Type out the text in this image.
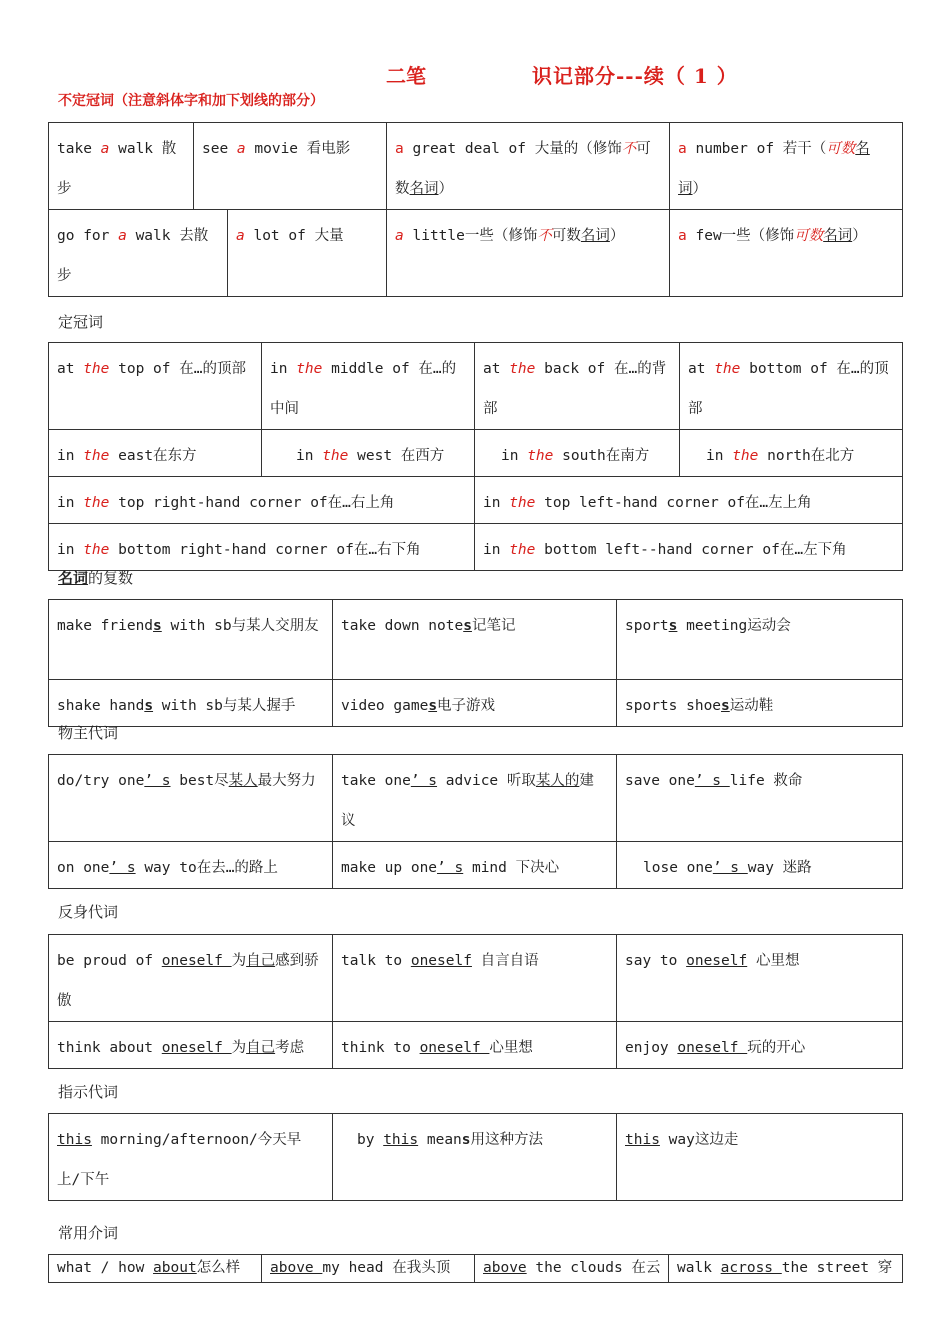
二笔	识记部分---续（ 1 ）
不定冠词（注意斜体字和加下划线的部分）
take a walk 散步	see a movie 看电影		a great deal of 大量的（修饰不可数名词）	a number of 若干（可数名词）
go for a walk 去散步		a lot of 大量	a little一些（修饰不可数名词）	a few一些（修饰可数名词）
定冠词
at the top of 在…的顶部	in the middle of 在…的中间	at the back of 在…的背部	at the bottom of 在…的顶部
in the east在东方	in the west 在西方	in the south在南方	in the north在北方
in the top right-hand corner of在…右上角		in the top left-hand corner of在…左上角	
in the bottom right-hand corner of在…右下角		in the bottom left--hand corner of在…左下角	
名词的复数
make friends with sb与某人交朋友	take down notes记笔记	sports meeting运动会
shake hands with sb与某人握手	video games电子游戏	sports shoes运动鞋
物主代词
do/try one’ s best尽某人最大努力	take one’ s advice 听取某人的建议	save one’ s life 救命
on one’ s way to在去…的路上	make up one’ s mind 下决心	lose one’ s way 迷路
反身代词
be proud of oneself 为自己感到骄傲	talk to oneself 自言自语	say to oneself 心里想
think about oneself 为自己考虑	think to oneself 心里想	enjoy oneself 玩的开心
指示代词
this morning/afternoon/今天早上/下午	by this means用这种方法	this way这边走
常用介词
what / how about怎么样	above my head 在我头顶	above the clouds 在云	walk across the street 穿
